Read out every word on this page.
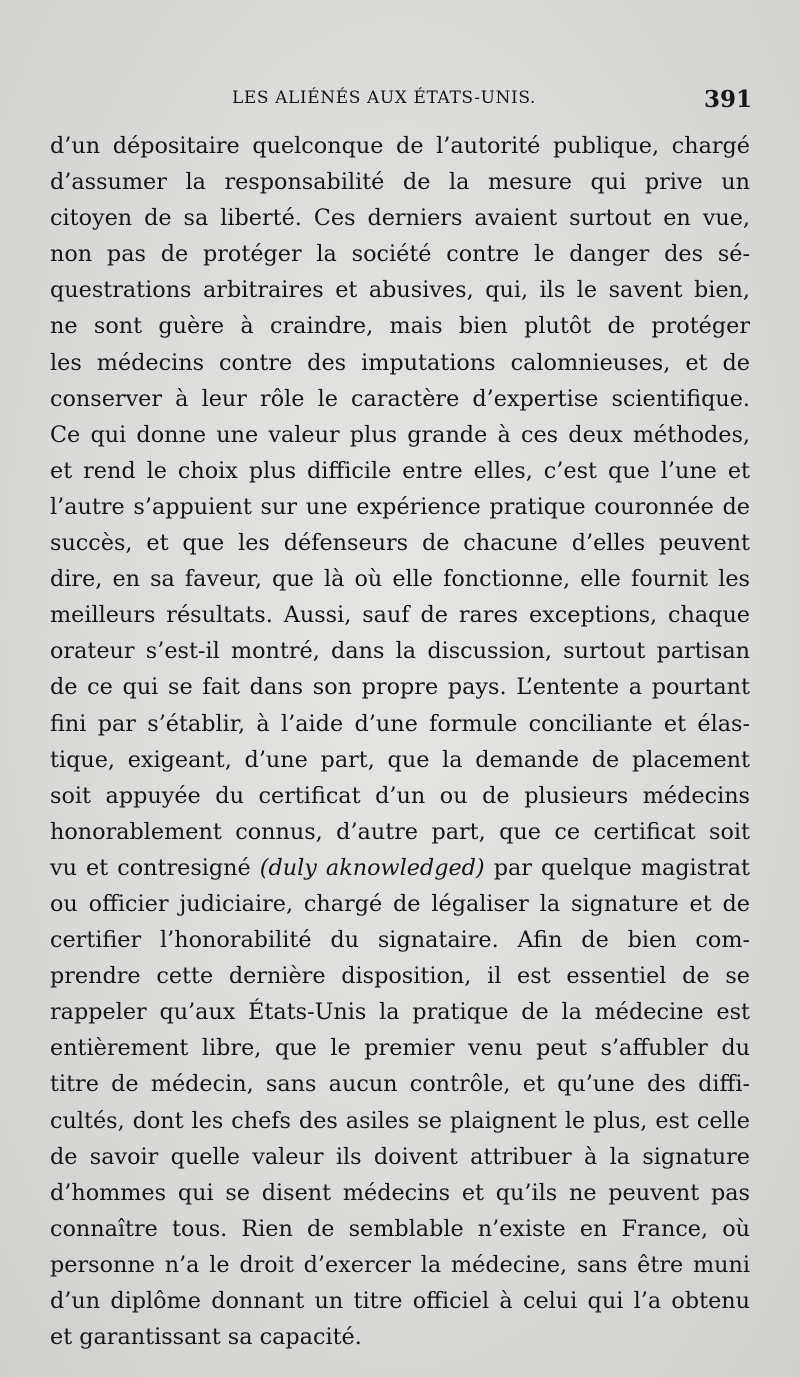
LES ALIÉNÉS AUX ÉTATS-UNIS.	391
d’un dépositaire quelconque de l’autorité publique, chargé
d’assumer la responsabilité de la mesure qui prive un
citoyen de sa liberté. Ces derniers avaient surtout en vue,
non pas de protéger la société contre le danger des sé-
questrations arbitraires et abusives, qui, ils le savent bien,
ne sont guère à craindre, mais bien plutôt de protéger
les médecins contre des imputations calomnieuses, et de
conserver à leur rôle le caractère d’expertise scientifique.
Ce qui donne une valeur plus grande à ces deux méthodes,
et rend le choix plus difficile entre elles, c’est que l’une et
l’autre s’appuient sur une expérience pratique couronnée de
succès, et que les défenseurs de chacune d’elles peuvent
dire, en sa faveur, que là où elle fonctionne, elle fournit les
meilleurs résultats. Aussi, sauf de rares exceptions, chaque
orateur s’est-il montré, dans la discussion, surtout partisan
de ce qui se fait dans son propre pays. L’entente a pourtant
fini par s’établir, à l’aide d’une formule conciliante et élas-
tique, exigeant, d’une part, que la demande de placement
soit appuyée du certificat d’un ou de plusieurs médecins
honorablement connus, d’autre part, que ce certificat soit
vu et contresigné (duly aknowledged) par quelque magistrat
ou officier judiciaire, chargé de légaliser la signature et de
certifier l’honorabilité du signataire. Afin de bien com-
prendre cette dernière disposition, il est essentiel de se
rappeler qu’aux États-Unis la pratique de la médecine est
entièrement libre, que le premier venu peut s’affubler du
titre de médecin, sans aucun contrôle, et qu’une des diffi-
cultés, dont les chefs des asiles se plaignent le plus, est celle
de savoir quelle valeur ils doivent attribuer à la signature
d’hommes qui se disent médecins et qu’ils ne peuvent pas
connaître tous. Rien de semblable n’existe en France, où
personne n’a le droit d’exercer la médecine, sans être muni
d’un diplôme donnant un titre officiel à celui qui l’a obtenu
et garantissant sa capacité.
